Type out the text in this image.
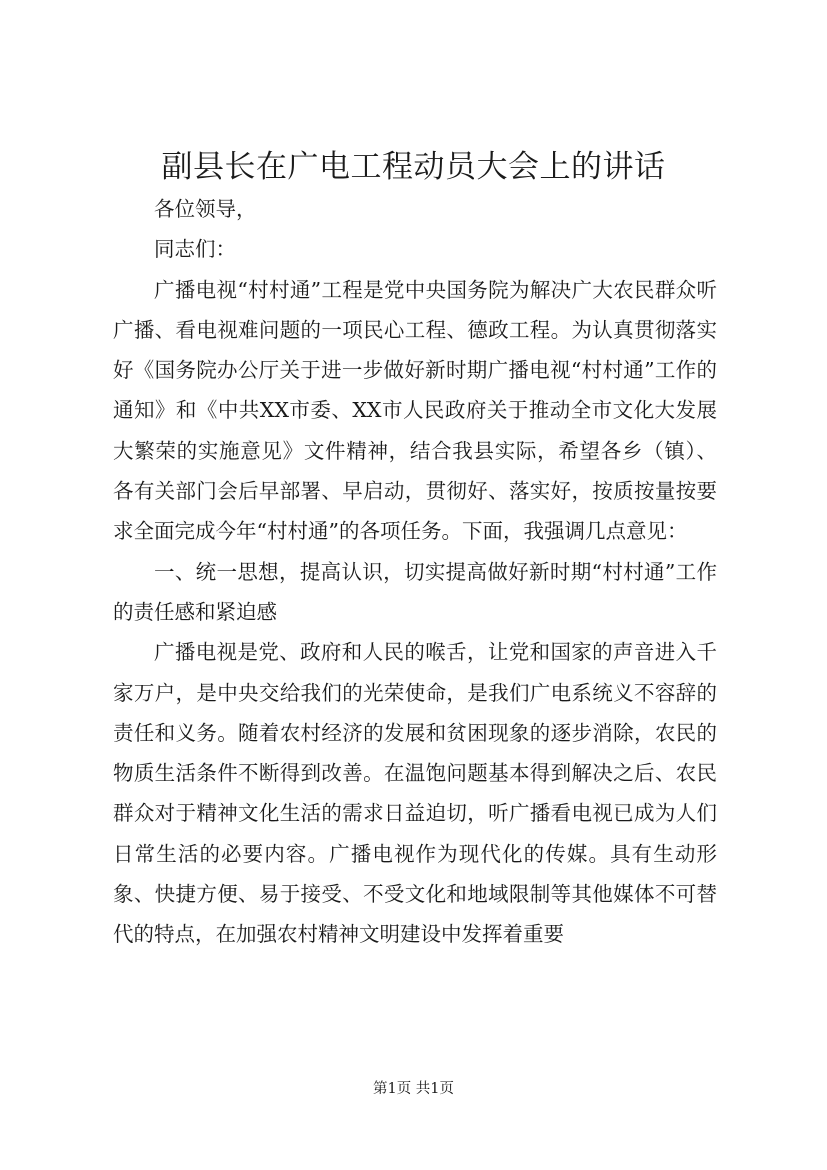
副县长在广电工程动员大会上的讲话

各位领导，

同志们：

广播电视“村村通”工程是党中央国务院为解决广大农民群众听广播、看电视难问题的一项民心工程、德政工程。为认真贯彻落实好《国务院办公厅关于进一步做好新时期广播电视“村村通”工作的通知》和《中共XX市委、XX市人民政府关于推动全市文化大发展大繁荣的实施意见》文件精神，结合我县实际，希望各乡（镇）、各有关部门会后早部署、早启动，贯彻好、落实好，按质按量按要求全面完成今年“村村通”的各项任务。下面，我强调几点意见：

一、统一思想，提高认识，切实提高做好新时期“村村通”工作的责任感和紧迫感

广播电视是党、政府和人民的喉舌，让党和国家的声音进入千家万户，是中央交给我们的光荣使命，是我们广电系统义不容辞的责任和义务。随着农村经济的发展和贫困现象的逐步消除，农民的物质生活条件不断得到改善。在温饱问题基本得到解决之后、农民群众对于精神文化生活的需求日益迫切，听广播看电视已成为人们日常生活的必要内容。广播电视作为现代化的传媒。具有生动形象、快捷方便、易于接受、不受文化和地域限制等其他媒体不可替代的特点，在加强农村精神文明建设中发挥着重要

第1页 共1页
